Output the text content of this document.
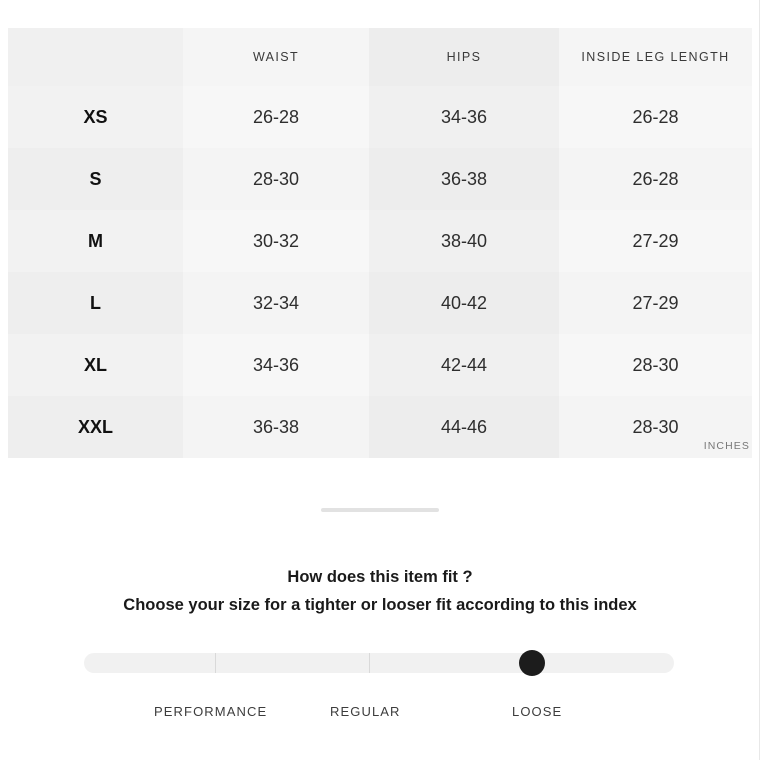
	WAIST	HIPS	INSIDE LEG LENGTH
XS	26-28	34-36	26-28
S	28-30	36-38	26-28
M	30-32	38-40	27-29
L	32-34	40-42	27-29
XL	34-36	42-44	28-30
XXL	36-38	44-46	28-30
INCHES
How does this item fit ?
Choose your size for a tighter or looser fit according to this index
PERFORMANCE	REGULAR	LOOSE
